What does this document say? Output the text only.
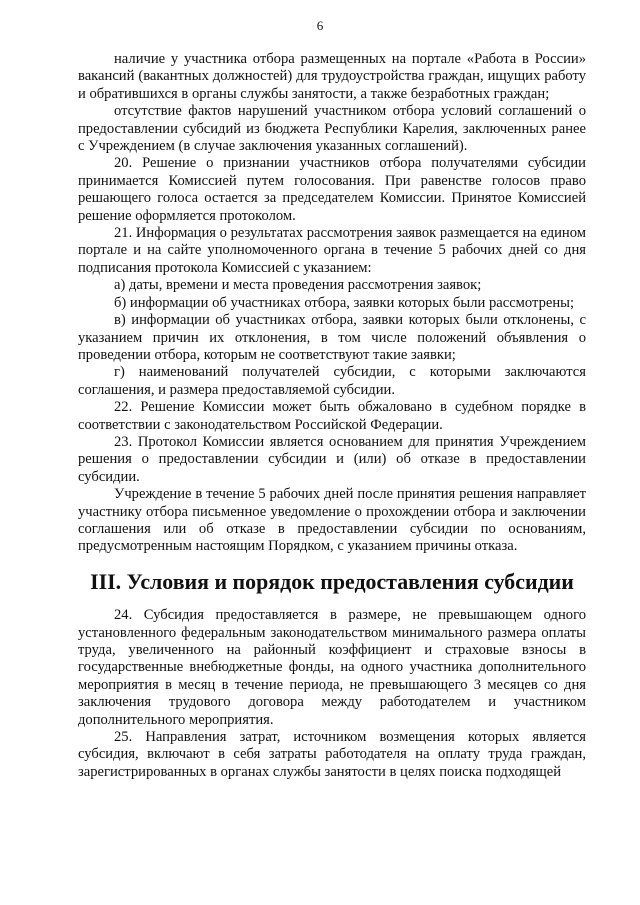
6

наличие у участника отбора размещенных на портале «Работа в России» вакансий (вакантных должностей) для трудоустройства граждан, ищущих работу и обратившихся в органы службы занятости, а также безработных граждан;

отсутствие фактов нарушений участником отбора условий соглашений о предоставлении субсидий из бюджета Республики Карелия, заключенных ранее с Учреждением (в случае заключения указанных соглашений).

20. Решение о признании участников отбора получателями субсидии принимается Комиссией путем голосования. При равенстве голосов право решающего голоса остается за председателем Комиссии. Принятое Комиссией решение оформляется протоколом.

21. Информация о результатах рассмотрения заявок размещается на едином портале и на сайте уполномоченного органа в течение 5 рабочих дней со дня подписания протокола Комиссией с указанием:

а) даты, времени и места проведения рассмотрения заявок;

б) информации об участниках отбора, заявки которых были рассмотрены;

в) информации об участниках отбора, заявки которых были отклонены, с указанием причин их отклонения, в том числе положений объявления о проведении отбора, которым не соответствуют такие заявки;

г) наименований получателей субсидии, с которыми заключаются соглашения, и размера предоставляемой субсидии.

22. Решение Комиссии может быть обжаловано в судебном порядке в соответствии с законодательством Российской Федерации.

23. Протокол Комиссии является основанием для принятия Учреждением решения о предоставлении субсидии и (или) об отказе в предоставлении субсидии.

Учреждение в течение 5 рабочих дней после принятия решения направляет участнику отбора письменное уведомление о прохождении отбора и заключении соглашения или об отказе в предоставлении субсидии по основаниям, предусмотренным настоящим Порядком, с указанием причины отказа.

III. Условия и порядок предоставления субсидии

24. Субсидия предоставляется в размере, не превышающем одного установленного федеральным законодательством минимального размера оплаты труда, увеличенного на районный коэффициент и страховые взносы в государственные внебюджетные фонды, на одного участника дополнительного мероприятия в месяц в течение периода, не превышающего 3 месяцев со дня заключения трудового договора между работодателем и участником дополнительного мероприятия.

25. Направления затрат, источником возмещения которых является субсидия, включают в себя затраты работодателя на оплату труда граждан, зарегистрированных в органах службы занятости в целях поиска подходящей
